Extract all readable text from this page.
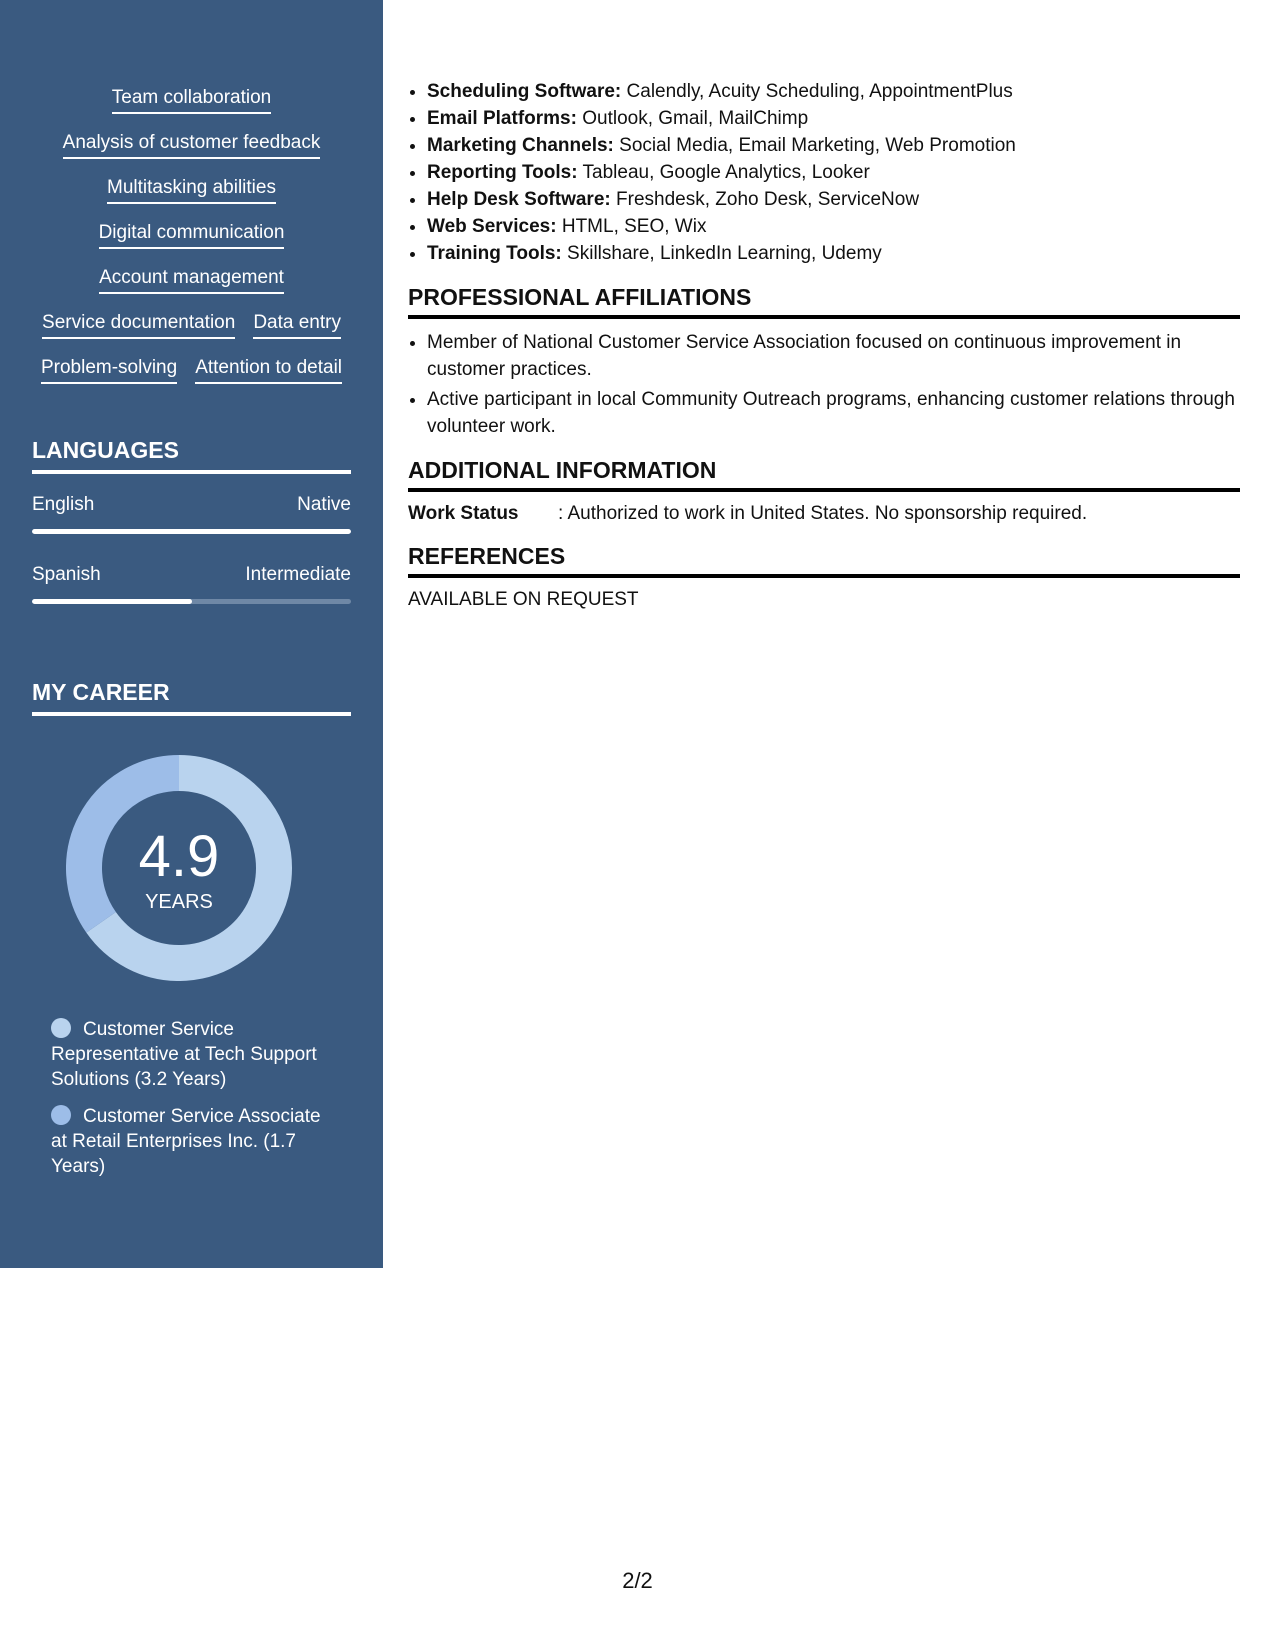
Team collaboration
Analysis of customer feedback
Multitasking abilities
Digital communication
Account management
Service documentation Data entry
Problem-solving Attention to detail
LANGUAGES
English	Native
Spanish	Intermediate
MY CAREER
4.9
YEARS
Customer Service Representative at Tech Support Solutions (3.2 Years)
Customer Service Associate at Retail Enterprises Inc. (1.7 Years)
• Scheduling Software: Calendly, Acuity Scheduling, AppointmentPlus
• Email Platforms: Outlook, Gmail, MailChimp
• Marketing Channels: Social Media, Email Marketing, Web Promotion
• Reporting Tools: Tableau, Google Analytics, Looker
• Help Desk Software: Freshdesk, Zoho Desk, ServiceNow
• Web Services: HTML, SEO, Wix
• Training Tools: Skillshare, LinkedIn Learning, Udemy
PROFESSIONAL AFFILIATIONS
• Member of National Customer Service Association focused on continuous improvement in customer practices.
• Active participant in local Community Outreach programs, enhancing customer relations through volunteer work.
ADDITIONAL INFORMATION
Work Status	: Authorized to work in United States. No sponsorship required.
REFERENCES
AVAILABLE ON REQUEST
2/2
